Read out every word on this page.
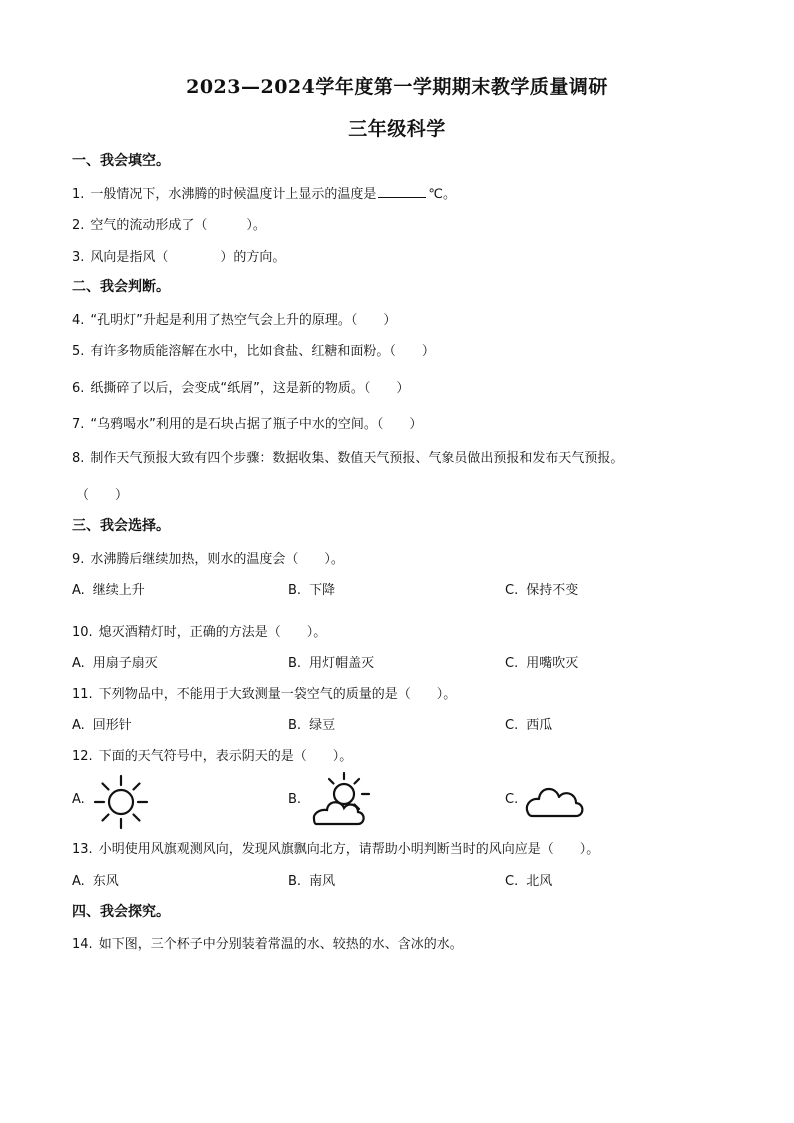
2023—2024学年度第一学期期末教学质量调研
三年级科学
一、我会填空。
1. 一般情况下，水沸腾的时候温度计上显示的温度是	℃。
2. 空气的流动形成了（　　　）。
3. 风向是指风（　　　　）的方向。
二、我会判断。
4. “孔明灯”升起是利用了热空气会上升的原理。（　　）
5. 有许多物质能溶解在水中，比如食盐、红糖和面粉。（　　）
6. 纸撕碎了以后，会变成“纸屑”，这是新的物质。（　　）
7. “乌鸦喝水”利用的是石块占据了瓶子中水的空间。（　　）
8. 制作天气预报大致有四个步骤：数据收集、数值天气预报、气象员做出预报和发布天气预报。
（　　）
三、我会选择。
9. 水沸腾后继续加热，则水的温度会（　　）。
A. 继续上升	B. 下降	C. 保持不变
10. 熄灭酒精灯时，正确的方法是（　　）。
A. 用扇子扇灭	B. 用灯帽盖灭	C. 用嘴吹灭
11. 下列物品中，不能用于大致测量一袋空气的质量的是（　　）。
A. 回形针	B. 绿豆	C. 西瓜
12. 下面的天气符号中，表示阴天的是（　　）。
A.	B.	C.
13. 小明使用风旗观测风向，发现风旗飘向北方，请帮助小明判断当时的风向应是（　　）。
A. 东风	B. 南风	C. 北风
四、我会探究。
14. 如下图，三个杯子中分别装着常温的水、较热的水、含冰的水。
